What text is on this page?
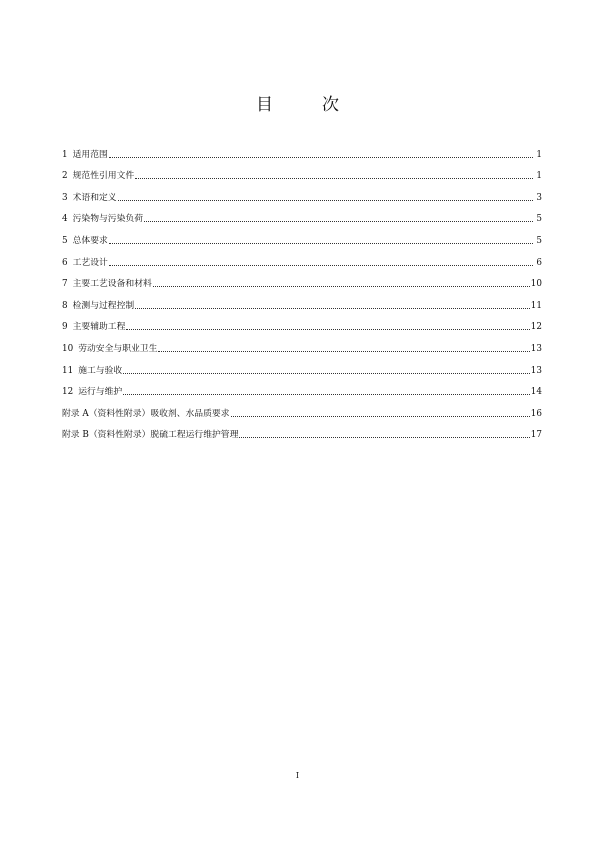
目　次
1 适用范围	1
2 规范性引用文件	1
3 术语和定义	3
4 污染物与污染负荷	5
5 总体要求	5
6 工艺设计	6
7 主要工艺设备和材料	10
8 检测与过程控制	11
9 主要辅助工程	12
10 劳动安全与职业卫生	13
11 施工与验收	13
12 运行与维护	14
附录 A（资料性附录）吸收剂、水品质要求	16
附录 B（资料性附录）脱硫工程运行维护管理	17
I
